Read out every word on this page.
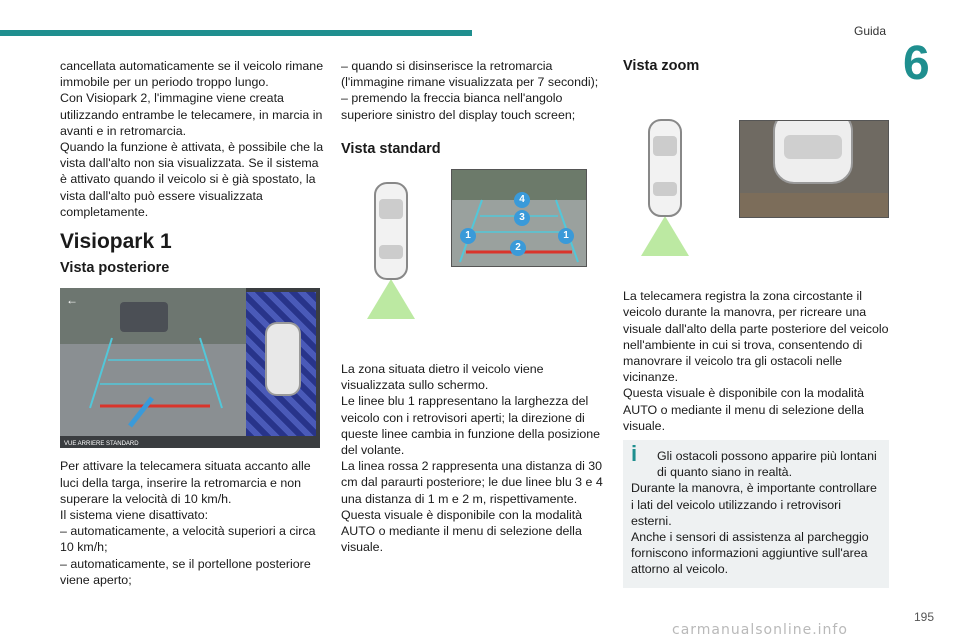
Guida
6

cancellata automaticamente se il veicolo rimane immobile per un periodo troppo lungo.

Con Visiopark 2, l'immagine viene creata utilizzando entrambe le telecamere, in marcia in avanti e in retromarcia.

Quando la funzione è attivata, è possibile che la vista dall'alto non sia visualizzata. Se il sistema è attivato quando il veicolo si è già spostato, la vista dall'alto può essere visualizzata completamente.

Visiopark 1
Vista posteriore
←
VUE ARRIERE STANDARD

Per attivare la telecamera situata accanto alle luci della targa, inserire la retromarcia e non superare la velocità di 10 km/h.

Il sistema viene disattivato:

– automaticamente, a velocità superiori a circa 10 km/h;

– automaticamente, se il portellone posteriore viene aperto;

– quando si disinserisce la retromarcia (l'immagine rimane visualizzata per 7 secondi);

– premendo la freccia bianca nell'angolo superiore sinistro del display touch screen;

Vista standard
4
3
1
2
1

La zona situata dietro il veicolo viene visualizzata sullo schermo.

Le linee blu 1 rappresentano la larghezza del veicolo con i retrovisori aperti; la direzione di queste linee cambia in funzione della posizione del volante.

La linea rossa 2 rappresenta una distanza di 30 cm dal paraurti posteriore; le due linee blu 3 e 4 una distanza di 1 m e 2 m, rispettivamente.

Questa visuale è disponibile con la modalità AUTO o mediante il menu di selezione della visuale.

Vista zoom

La telecamera registra la zona circostante il veicolo durante la manovra, per ricreare una visuale dall'alto della parte posteriore del veicolo nell'ambiente in cui si trova, consentendo di manovrare il veicolo tra gli ostacoli nelle vicinanze.

Questa visuale è disponibile con la modalità AUTO o mediante il menu di selezione della visuale.

i	Gli ostacoli possono apparire più lontani di quanto siano in realtà.

Durante la manovra, è importante controllare i lati del veicolo utilizzando i retrovisori esterni.

Anche i sensori di assistenza al parcheggio forniscono informazioni aggiuntive sull'area attorno al veicolo.

195
carmanualsonline.info
